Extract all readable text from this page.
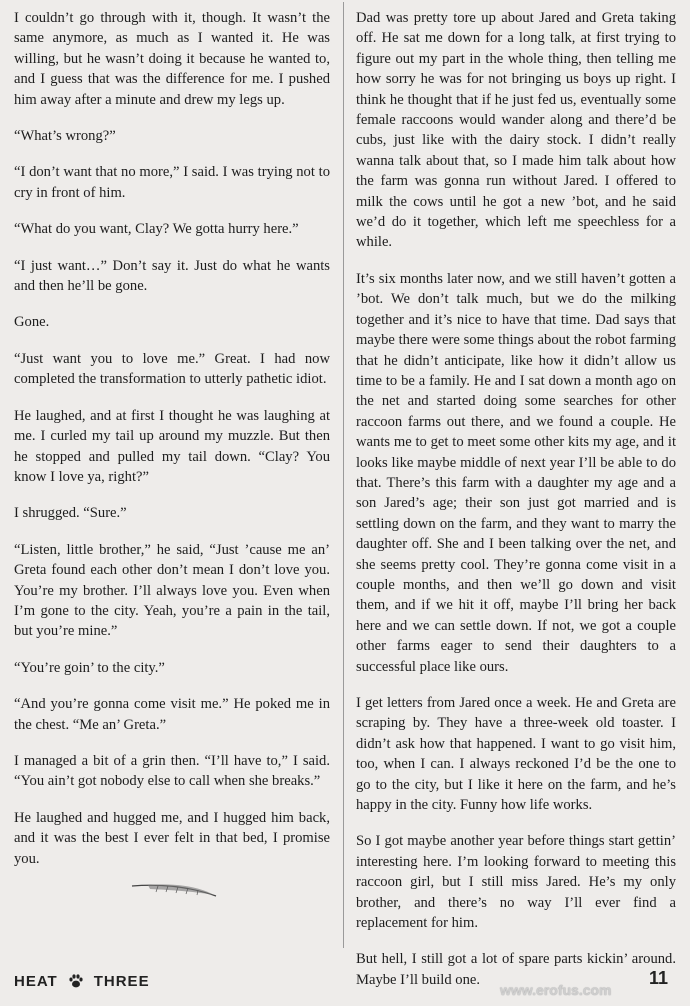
I couldn’t go through with it, though. It wasn’t the same anymore, as much as I wanted it. He was willing, but he wasn’t doing it because he wanted to, and I guess that was the difference for me. I pushed him away after a minute and drew my legs up.

“What’s wrong?”

“I don’t want that no more,” I said. I was trying not to cry in front of him.

“What do you want, Clay? We gotta hurry here.”

“I just want…” Don’t say it. Just do what he wants and then he’ll be gone.

Gone.

“Just want you to love me.” Great. I had now completed the transformation to utterly pathetic idiot.

He laughed, and at first I thought he was laughing at me. I curled my tail up around my muzzle. But then he stopped and pulled my tail down. “Clay? You know I love ya, right?”

I shrugged. “Sure.”

“Listen, little brother,” he said, “Just ’cause me an’ Greta found each other don’t mean I don’t love you. You’re my brother. I’ll always love you. Even when I’m gone to the city. Yeah, you’re a pain in the tail, but you’re mine.”

“You’re goin’ to the city.”

“And you’re gonna come visit me.” He poked me in the chest. “Me an’ Greta.”

I managed a bit of a grin then. “I’ll have to,” I said. “You ain’t got nobody else to call when she breaks.”

He laughed and hugged me, and I hugged him back, and it was the best I ever felt in that bed, I promise you.

Dad was pretty tore up about Jared and Greta taking off. He sat me down for a long talk, at first trying to figure out my part in the whole thing, then telling me how sorry he was for not bringing us boys up right. I think he thought that if he just fed us, eventually some female raccoons would wander along and there’d be cubs, just like with the dairy stock. I didn’t really wanna talk about that, so I made him talk about how the farm was gonna run without Jared. I offered to milk the cows until he got a new ’bot, and he said we’d do it together, which left me speechless for a while.

It’s six months later now, and we still haven’t gotten a ’bot. We don’t talk much, but we do the milking together and it’s nice to have that time. Dad says that maybe there were some things about the robot farming that he didn’t anticipate, like how it didn’t allow us time to be a family. He and I sat down a month ago on the net and started doing some searches for other raccoon farms out there, and we found a couple. He wants me to get to meet some other kits my age, and it looks like maybe middle of next year I’ll be able to do that. There’s this farm with a daughter my age and a son Jared’s age; their son just got married and is settling down on the farm, and they want to marry the daughter off. She and I been talking over the net, and she seems pretty cool. They’re gonna come visit in a couple months, and then we’ll go down and visit them, and if we hit it off, maybe I’ll bring her back here and we can settle down. If not, we got a couple other farms eager to send their daughters to a successful place like ours.

I get letters from Jared once a week. He and Greta are scraping by. They have a three-week old toaster. I didn’t ask how that happened. I want to go visit him, too, when I can. I always reckoned I’d be the one to go to the city, but I like it here on the farm, and he’s happy in the city. Funny how life works.

So I got maybe another year before things start gettin’ interesting here. I’m looking forward to meeting this raccoon girl, but I still miss Jared. He’s my only brother, and there’s no way I’ll ever find a replacement for him.

But hell, I still got a lot of spare parts kickin’ around. Maybe I’ll build one.

HEAT THREE	11
www.erofus.com
